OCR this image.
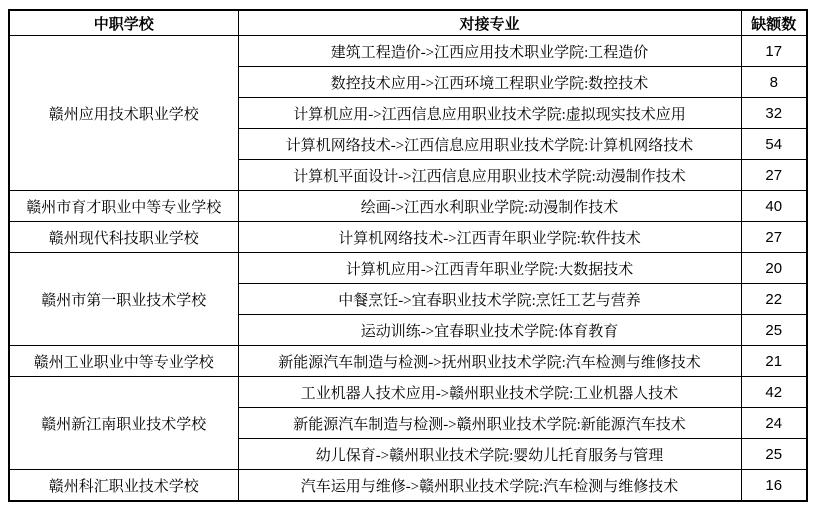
中职学校	对接专业	缺额数
赣州应用技术职业学校	建筑工程造价->江西应用技术职业学院:工程造价	17
	数控技术应用->江西环境工程职业学院:数控技术	8
	计算机应用->江西信息应用职业技术学院:虚拟现实技术应用	32
	计算机网络技术->江西信息应用职业技术学院:计算机网络技术	54
	计算机平面设计->江西信息应用职业技术学院:动漫制作技术	27
赣州市育才职业中等专业学校	绘画->江西水利职业学院:动漫制作技术	40
赣州现代科技职业学校	计算机网络技术->江西青年职业学院:软件技术	27
赣州市第一职业技术学校	计算机应用->江西青年职业学院:大数据技术	20
	中餐烹饪->宜春职业技术学院:烹饪工艺与营养	22
	运动训练->宜春职业技术学院:体育教育	25
赣州工业职业中等专业学校	新能源汽车制造与检测->抚州职业技术学院:汽车检测与维修技术	21
赣州新江南职业技术学校	工业机器人技术应用->赣州职业技术学院:工业机器人技术	42
	新能源汽车制造与检测->赣州职业技术学院:新能源汽车技术	24
	幼儿保育->赣州职业技术学院:婴幼儿托育服务与管理	25
赣州科汇职业技术学校	汽车运用与维修->赣州职业技术学院:汽车检测与维修技术	16
